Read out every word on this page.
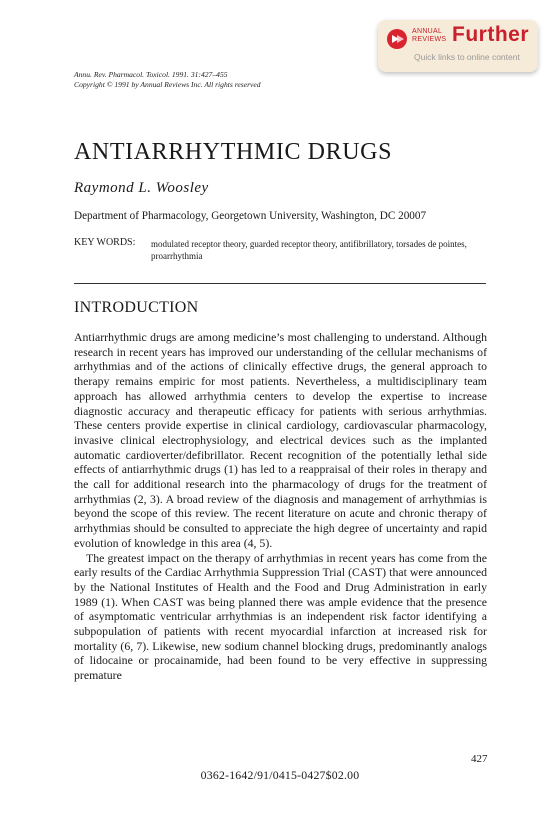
ANNUAL
REVIEWS Further
Quick links to online content
Annu. Rev. Pharmacol. Toxicol. 1991. 31:427–455
Copyright © 1991 by Annual Reviews Inc. All rights reserved
ANTIARRHYTHMIC DRUGS
Raymond L. Woosley
Department of Pharmacology, Georgetown University, Washington, DC 20007
KEY WORDS: modulated receptor theory, guarded receptor theory, antifibrillatory, torsades de pointes, proarrhythmia
INTRODUCTION

Antiarrhythmic drugs are among medicine’s most challenging to understand. Although research in recent years has improved our understanding of the cellular mechanisms of arrhythmias and of the actions of clinically effective drugs, the general approach to therapy remains empiric for most patients. Nevertheless, a multidisciplinary team approach has allowed arrhythmia centers to develop the expertise to increase diagnostic accuracy and therapeutic efficacy for patients with serious arrhythmias. These centers provide expertise in clinical cardiology, cardiovascular pharmacology, invasive clinical electrophysiology, and electrical devices such as the implanted automatic cardioverter/defibrillator. Recent recognition of the potentially lethal side effects of antiarrhythmic drugs (1) has led to a reappraisal of their roles in therapy and the call for additional research into the pharmacology of drugs for the treatment of arrhythmias (2, 3). A broad review of the diagnosis and management of arrhythmias is beyond the scope of this review. The recent literature on acute and chronic therapy of arrhythmias should be consulted to appreciate the high degree of uncertainty and rapid evolution of knowledge in this area (4, 5).

The greatest impact on the therapy of arrhythmias in recent years has come from the early results of the Cardiac Arrhythmia Suppression Trial (CAST) that were announced by the National Institutes of Health and the Food and Drug Administration in early 1989 (1). When CAST was being planned there was ample evidence that the presence of asymptomatic ventricular arrhythmias is an independent risk factor identifying a subpopulation of patients with recent myocardial infarction at increased risk for mortality (6, 7). Likewise, new sodium channel blocking drugs, predominantly analogs of lidocaine or procainamide, had been found to be very effective in suppressing premature

427
0362-1642/91/0415-0427$02.00
